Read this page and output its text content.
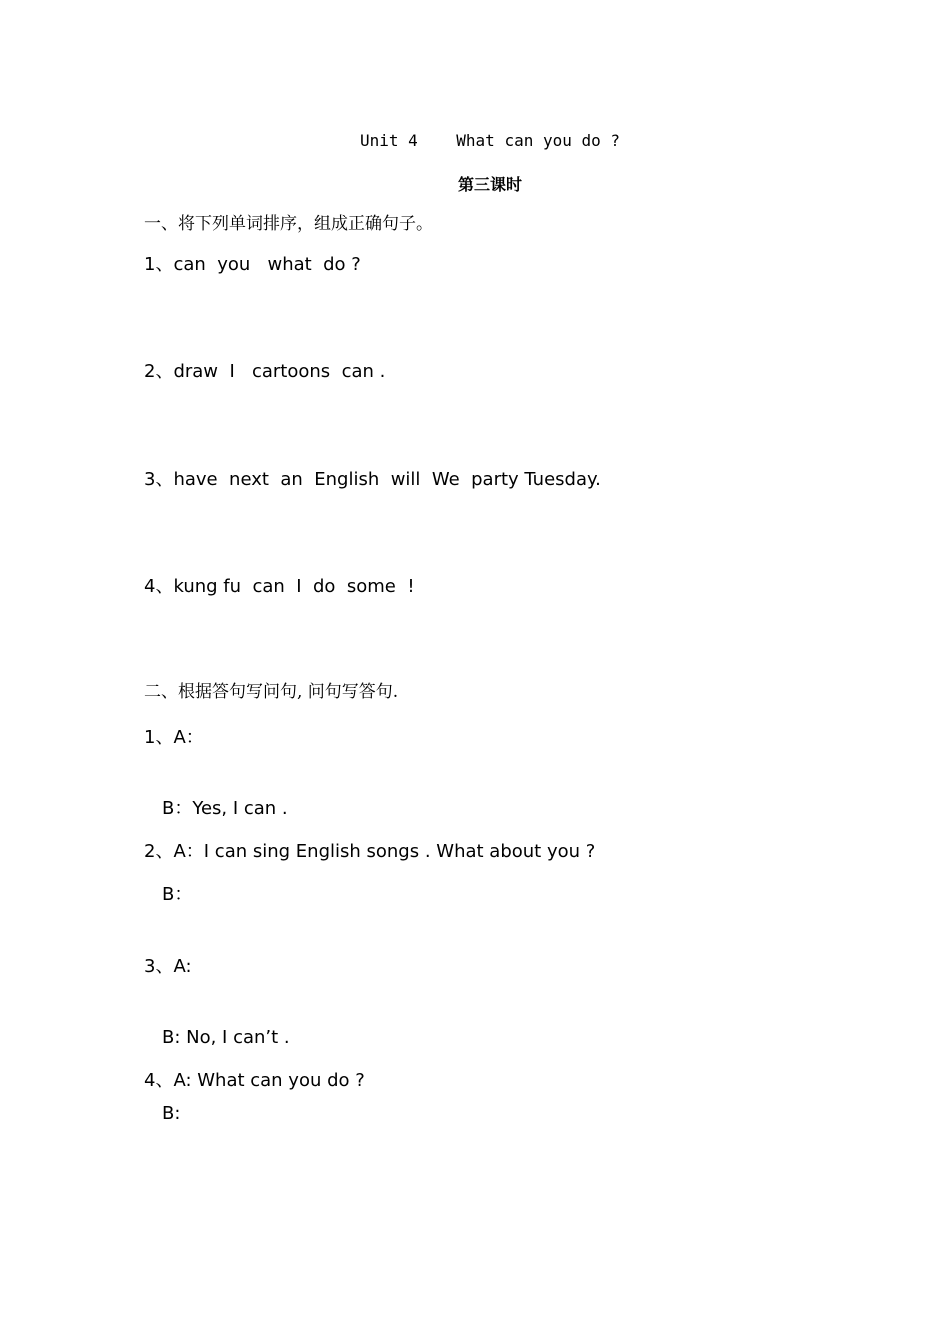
Unit 4    What can you do ?
第三课时
一、将下列单词排序，组成正确句子。
1、can  you   what  do ?
2、draw  I   cartoons  can .
3、have  next  an  English  will  We  party Tuesday.
4、kung fu  can  I  do  some  !
二、根据答句写问句, 问句写答句.
1、A：
B：Yes, I can .
2、A：I can sing English songs . What about you ?
B：
3、A:
B: No, I can’t .
4、A: What can you do ?
B:
